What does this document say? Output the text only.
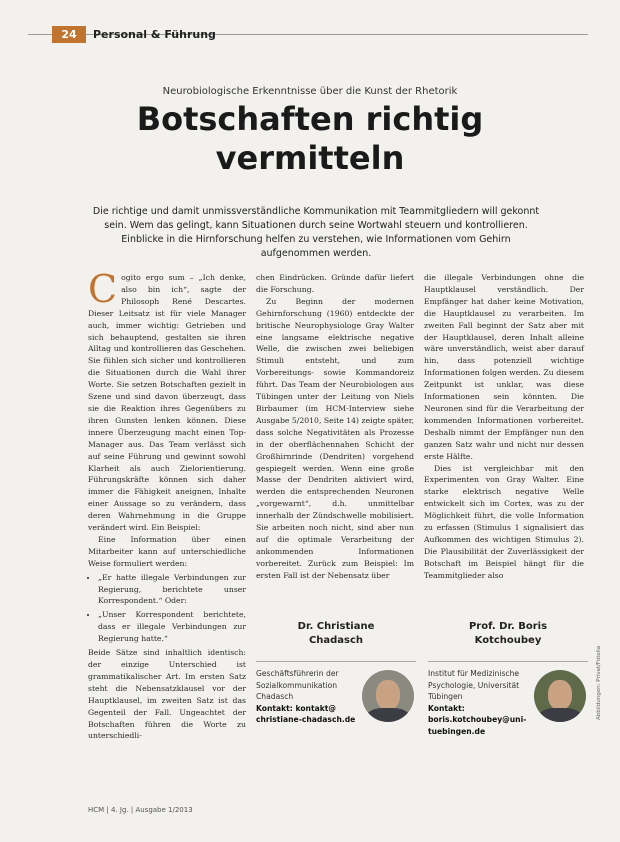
24	Personal & Führung
Neurobiologische Erkenntnisse über die Kunst der Rhetorik
Botschaften richtig
vermitteln
Die richtige und damit unmissverständliche Kommunikation mit Teammitgliedern will gekonnt sein. Wem das gelingt, kann Situationen durch seine Wortwahl steuern und kontrollieren. Einblicke in die Hirnforschung helfen zu verstehen, wie Informationen vom Gehirn aufgenommen werden.

Cogito ergo sum – „Ich denke, also bin ich“, sagte der Philosoph René Descartes. Dieser Leitsatz ist für viele Manager auch, immer wichtig: Getrieben und sich behauptend, gestalten sie ihren Alltag und kontrollieren das Geschehen. Sie fühlen sich sicher und kontrollieren die Situationen durch die Wahl ihrer Worte. Sie setzen Botschaften gezielt in Szene und sind davon überzeugt, dass sie die Reaktion ihres Gegenübers zu ihren Gunsten lenken können. Diese innere Überzeugung macht einen Top-Manager aus. Das Team verlässt sich auf seine Führung und gewinnt sowohl Klarheit als auch Zielorientierung. Führungskräfte können sich daher immer die Fähigkeit aneignen, Inhalte einer Aussage so zu verändern, dass deren Wahrnehmung in die Gruppe verändert wird. Ein Beispiel:

Eine Information über einen Mitarbeiter kann auf unterschiedliche Weise formuliert werden:

• „Er hatte illegale Verbindungen zur Regierung, berichtete unser Korrespondent.“ Oder:
• „Unser Korrespondent berichtete, dass er illegale Verbindungen zur Regierung hatte.“

Beide Sätze sind inhaltlich identisch: der einzige Unterschied ist grammatikalischer Art. Im ersten Satz steht die Nebensatzklausel vor der Hauptklausel, im zweiten Satz ist das Gegenteil der Fall. Ungeachtet der Botschaften führen die Worte zu unterschiedli-

chen Eindrücken. Gründe dafür liefert die Forschung.

Zu Beginn der modernen Gehirnforschung (1960) entdeckte der britische Neurophysiologe Gray Walter eine langsame elektrische negative Welle, die zwischen zwei beliebigen Stimuli entsteht, und zum Vorbereitungs- sowie Kommandoreiz führt. Das Team der Neurobiologen aus Tübingen unter der Leitung von Niels Birbaumer (im HCM-Interview siehe Ausgabe 5/2010, Seite 14) zeigte später, dass solche Negativitäten als Prozesse in der oberflächennahen Schicht der Großhirnrinde (Dendriten) vorgehend gespiegelt werden. Wenn eine große Masse der Dendriten aktiviert wird, werden die entsprechenden Neuronen „vorgewarnt“, d.h. unmittelbar innerhalb der Zündschwelle mobilisiert. Sie arbeiten noch nicht, sind aber nun auf die optimale Verarbeitung der ankommenden Informationen vorbereitet. Zurück zum Beispiel: Im ersten Fall ist der Nebensatz über

die illegale Verbindungen ohne die Hauptklausel verständlich. Der Empfänger hat daher keine Motivation, die Hauptklausel zu verarbeiten. Im zweiten Fall beginnt der Satz aber mit der Hauptklausel, deren Inhalt alleine wäre unverständlich, weist aber darauf hin, dass potenziell wichtige Informationen folgen werden. Zu diesem Zeitpunkt ist unklar, was diese Informationen sein könnten. Die Neuronen sind für die Verarbeitung der kommenden Informationen vorbereitet. Deshalb nimmt der Empfänger nun den ganzen Satz wahr und nicht nur dessen erste Hälfte.

Dies ist vergleichbar mit den Experimenten von Gray Walter. Eine starke elektrisch negative Welle entwickelt sich im Cortex, was zu der Möglichkeit führt, die volle Information zu erfassen (Stimulus 1 signalisiert das Aufkommen des wichtigen Stimulus 2). Die Plausibilität der Zuverlässigkeit der Botschaft im Beispiel hängt für die Teammitglieder also

Dr. Christiane
Chadasch
Geschäftsführerin der Sozialkommunikation Chadasch
Kontakt: kontakt@
christiane-chadasch.de
Prof. Dr. Boris
Kotchoubey
Institut für Medizinische Psychologie, Universität Tübingen
Kontakt:
boris.kotchoubey@uni-tuebingen.de
Abbildungen: Privat/Fotolia
HCM | 4. Jg. | Ausgabe 1/2013
